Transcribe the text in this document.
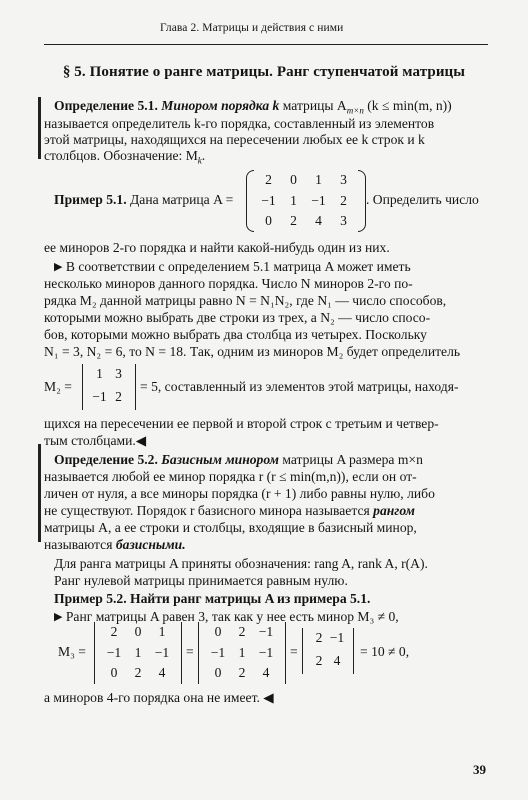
Глава 2. Матрицы и действия с ними
§ 5. Понятие о ранге матрицы. Ранг ступенчатой матрицы
Определение 5.1. Минором порядка k матрицы $A_{m\times n}$ (k ≤ min(m, n))
называется определитель k-го порядка, составленный из элементов
этой матрицы, находящихся на пересечении любых ее k строк и k
столбцов. Обозначение: $M_k$.
Пример 5.1. Дана матрица A =
2	0	1	3
−1	1	−1	2
0	2	4	3
. Определить число
ее миноров 2-го порядка и найти какой-нибудь один из них.
▶ В соответствии с определением 5.1 матрица A может иметь
несколько миноров данного порядка. Число N миноров 2-го по-
рядка M₂ данной матрицы равно N = N₁N₂, где N₁ — число способов,
которыми можно выбрать две строки из трех, а N₂ — число спосо-
бов, которыми можно выбрать два столбца из четырех. Поскольку
N₁ = 3, N₂ = 6, то N = 18. Так, одним из миноров M₂ будет определитель
M₂ =
1 3
−1 2
= 5, составленный из элементов этой матрицы, находя-
щихся на пересечении ее первой и второй строк с третьим и четвер-
тым столбцами.◀
Определение 5.2. Базисным минором матрицы A размера m×n
называется любой ее минор порядка r (r ≤ min(m,n)), если он от-
личен от нуля, а все миноры порядка (r + 1) либо равны нулю, либо
не существуют. Порядок r базисного минора называется рангом
матрицы A, а ее строки и столбцы, входящие в базисный минор,
называются базисными.
Для ранга матрицы A приняты обозначения: rang A, rank A, r(A).
Ранг нулевой матрицы принимается равным нулю.
Пример 5.2. Найти ранг матрицы A из примера 5.1.
▶ Ранг матрицы A равен 3, так как у нее есть минор M₃ ≠ 0,
M₃ =
2	0	1
−1 1 −1
0	2	4
=
0	2 −1
−1 1 −1
0	2	4
=
2 −1
2 4
= 10 ≠ 0,
а миноров 4-го порядка она не имеет. ◀
39
